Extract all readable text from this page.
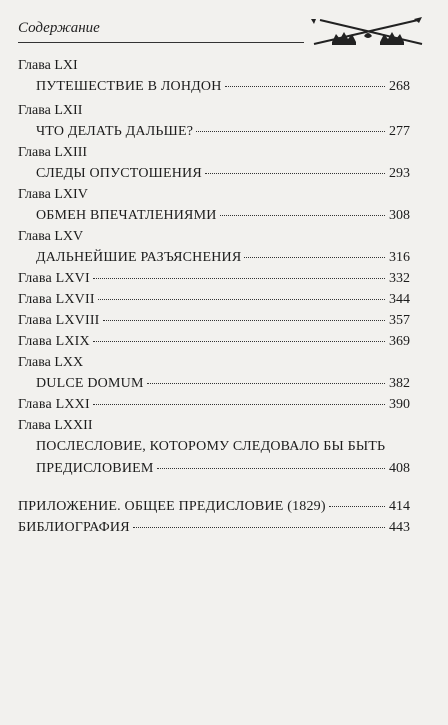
Содержание
Глава LXI
ПУТЕШЕСТВИЕ В ЛОНДОН	268
Глава LXII
ЧТО ДЕЛАТЬ ДАЛЬШЕ?	277
Глава LXIII
СЛЕДЫ ОПУСТОШЕНИЯ	293
Глава LXIV
ОБМЕН ВПЕЧАТЛЕНИЯМИ	308
Глава LXV
ДАЛЬНЕЙШИЕ РАЗЪЯСНЕНИЯ	316
Глава LXVI	332
Глава LXVII	344
Глава LXVIII	357
Глава LXIX	369
Глава LXX
DULCE DOMUM	382
Глава LXXI	390
Глава LXXII
ПОСЛЕСЛОВИЕ, КОТОРОМУ СЛЕДОВАЛО БЫ БЫТЬ
ПРЕДИСЛОВИЕМ	408
ПРИЛОЖЕНИЕ. ОБЩЕЕ ПРЕДИСЛОВИЕ (1829)	414
БИБЛИОГРАФИЯ	443
